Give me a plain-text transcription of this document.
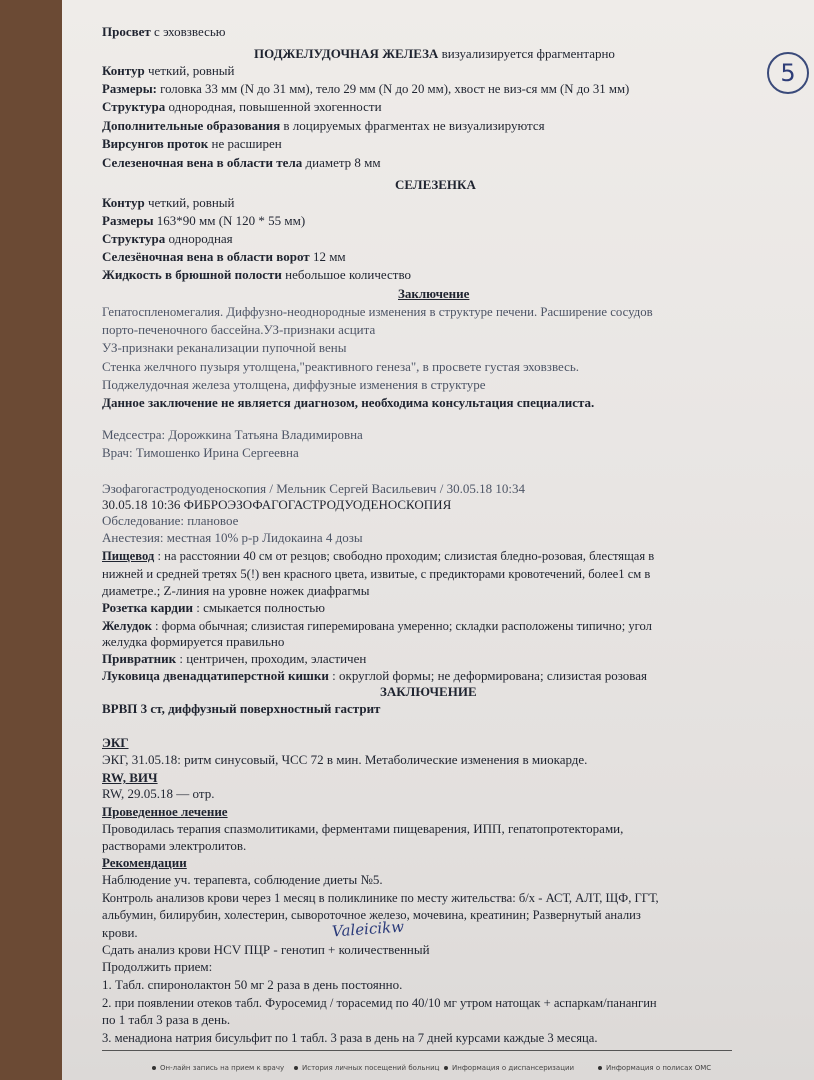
5
Просвет с эховзвесью
ПОДЖЕЛУДОЧНАЯ ЖЕЛЕЗА визуализируется фрагментарно
Контур четкий, ровный
Размеры: головка 33 мм (N до 31 мм), тело 29 мм (N до 20 мм), хвост не виз-ся мм (N до 31 мм)
Структура однородная, повышенной эхогенности
Дополнительные образования в лоцируемых фрагментах не визуализируются
Вирсунгов проток не расширен
Селезеночная вена в области тела диаметр 8 мм
СЕЛЕЗЕНКА
Контур четкий, ровный
Размеры 163*90 мм (N 120 * 55 мм)
Структура однородная
Селезёночная вена в области ворот 12 мм
Жидкость в брюшной полости небольшое количество
Заключение
Гепатоспленомегалия. Диффузно-неоднородные изменения в структуре печени. Расширение сосудов
порто-печеночного бассейна.УЗ-признаки асцита
УЗ-признаки реканализации пупочной вены
Стенка желчного пузыря утолщена,"реактивного генеза", в просвете густая эховзвесь.
Поджелудочная железа утолщена, диффузные изменения в структуре
Данное заключение не является диагнозом, необходима консультация специалиста.
Медсестра: Дорожкина Татьяна Владимировна
Врач: Тимошенко Ирина Сергеевна
Эзофагогастродуоденоскопия / Мельник Сергей Васильевич / 30.05.18 10:34
30.05.18 10:36 ФИБРОЭЗОФАГОГАСТРОДУОДЕНОСКОПИЯ
Обследование: плановое
Анестезия: местная 10% р-р Лидокаина 4 дозы
Пищевод : на расстоянии 40 см от резцов; свободно проходим; слизистая бледно-розовая, блестящая в
нижней и средней третях 5(!) вен красного цвета, извитые, с предикторами кровотечений, более1 см в
диаметре.; Z-линия на уровне ножек диафрагмы
Розетка кардии : смыкается полностью
Желудок : форма обычная; слизистая гиперемирована умеренно; складки расположены типично; угол
желудка формируется правильно
Привратник : центричен, проходим, эластичен
Луковица двенадцатиперстной кишки : округлой формы; не деформирована; слизистая розовая
ЗАКЛЮЧЕНИЕ
ВРВП 3 ст, диффузный поверхностный гастрит
ЭКГ
ЭКГ, 31.05.18: ритм синусовый, ЧСС 72 в мин. Метаболические изменения в миокарде.
RW, ВИЧ
RW, 29.05.18 — отр.
Проведенное лечение
Проводилась терапия спазмолитиками, ферментами пищеварения, ИПП, гепатопротекторами,
растворами электролитов.
Рекомендации
Наблюдение уч. терапевта, соблюдение диеты №5.
Контроль анализов крови через 1 месяц в поликлинике по месту жительства: б/х - АСТ, АЛТ, ЩФ, ГГТ,
альбумин, билирубин, холестерин, сывороточное железо, мочевина, креатинин; Развернутый анализ
крови.	Valeicikw
Сдать анализ крови HCV ПЦР - генотип + количественный
Продолжить прием:
1. Табл. спиронолактон 50 мг 2 раза в день постоянно.
2. при появлении отеков табл. Фуросемид / торасемид по 40/10 мг утром натощак + аспаркам/панангин
по 1 табл 3 раза в день.
3. менадиона натрия бисульфит по 1 табл. 3 раза в день на 7 дней курсами каждые 3 месяца.
Он-лайн запись на прием к врачу	История личных посещений больниц Информация о диспансеризации	Информация о полисах ОМС
